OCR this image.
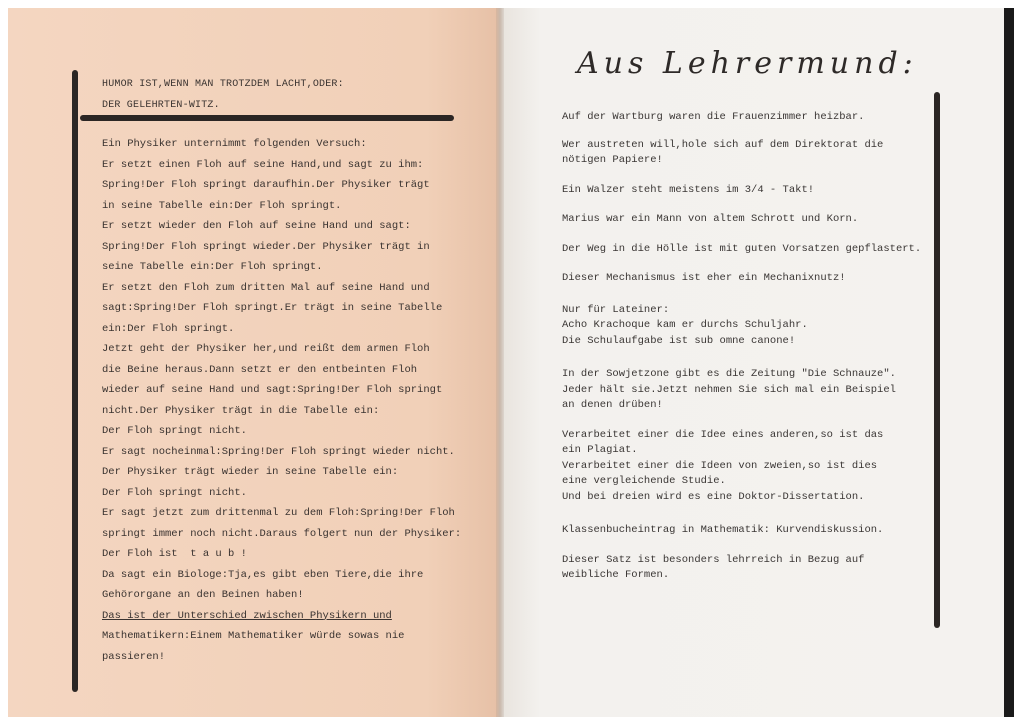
HUMOR IST,WENN MAN TROTZDEM LACHT,ODER:
DER GELEHRTEN-WITZ.
Ein Physiker unternimmt folgenden Versuch:
Er setzt einen Floh auf seine Hand,und sagt zu ihm:
Spring!Der Floh springt daraufhin.Der Physiker trägt
in seine Tabelle ein:Der Floh springt.
Er setzt wieder den Floh auf seine Hand und sagt:
Spring!Der Floh springt wieder.Der Physiker trägt in
seine Tabelle ein:Der Floh springt.
Er setzt den Floh zum dritten Mal auf seine Hand und
sagt:Spring!Der Floh springt.Er trägt in seine Tabelle
ein:Der Floh springt.
Jetzt geht der Physiker her,und reißt dem armen Floh
die Beine heraus.Dann setzt er den entbeinten Floh
wieder auf seine Hand und sagt:Spring!Der Floh springt
nicht.Der Physiker trägt in die Tabelle ein:
Der Floh springt nicht.
Er sagt nocheinmal:Spring!Der Floh springt wieder nicht.
Der Physiker trägt wieder in seine Tabelle ein:
Der Floh springt nicht.
Er sagt jetzt zum drittenmal zu dem Floh:Spring!Der Floh
springt immer noch nicht.Daraus folgert nun der Physiker:
Der Floh ist  t a u b !
Da sagt ein Biologe:Tja,es gibt eben Tiere,die ihre
Gehörorgane an den Beinen haben!
Das ist der Unterschied zwischen Physikern und
Mathematikern:Einem Mathematiker würde sowas nie
passieren!
Aus Lehrermund:
Auf der Wartburg waren die Frauenzimmer heizbar.
Wer austreten will,hole sich auf dem Direktorat die
nötigen Papiere!
Ein Walzer steht meistens im 3/4 - Takt!
Marius war ein Mann von altem Schrott und Korn.
Der Weg in die Hölle ist mit guten Vorsatzen gepflastert.
Dieser Mechanismus ist eher ein Mechanixnutz!
Nur für Lateiner:
Acho Krachoque kam er durchs Schuljahr.
Die Schulaufgabe ist sub omne canone!
In der Sowjetzone gibt es die Zeitung "Die Schnauze".
Jeder hält sie.Jetzt nehmen Sie sich mal ein Beispiel
an denen drüben!
Verarbeitet einer die Idee eines anderen,so ist das
ein Plagiat.
Verarbeitet einer die Ideen von zweien,so ist dies
eine vergleichende Studie.
Und bei dreien wird es eine Doktor-Dissertation.
Klassenbucheintrag in Mathematik: Kurvendiskussion.
Dieser Satz ist besonders lehrreich in Bezug auf
weibliche Formen.
